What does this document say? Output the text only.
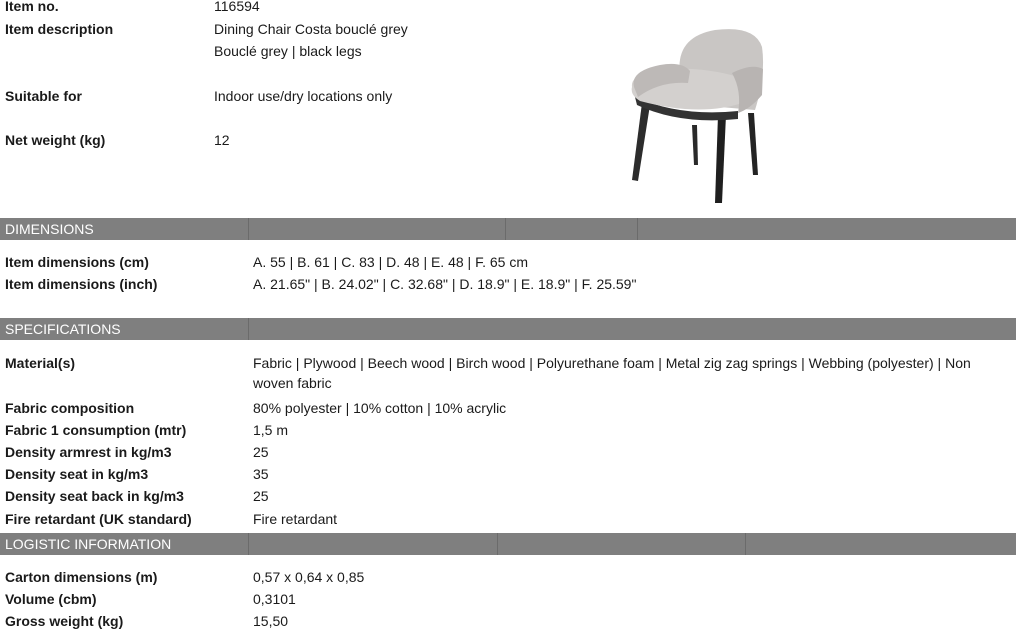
Item no.	116594
Item description	Dining Chair Costa bouclé grey
Bouclé grey | black legs
Suitable for	Indoor use/dry locations only
Net weight (kg)	12
DIMENSIONS
Item dimensions (cm)	A. 55 | B. 61 | C. 83 | D. 48 | E. 48 | F. 65 cm
Item dimensions (inch)	A. 21.65" | B. 24.02" | C. 32.68" | D. 18.9" | E. 18.9" | F. 25.59"
SPECIFICATIONS
Material(s)	Fabric | Plywood | Beech wood | Birch wood | Polyurethane foam | Metal zig zag springs | Webbing (polyester) | Non woven fabric
Fabric composition	80% polyester | 10% cotton | 10% acrylic
Fabric 1 consumption (mtr)	1,5 m
Density armrest in kg/m3	25
Density seat in kg/m3	35
Density seat back in kg/m3	25
Fire retardant (UK standard)	Fire retardant
LOGISTIC INFORMATION
Carton dimensions (m)	0,57 x 0,64 x 0,85
Volume (cbm)	0,3101
Gross weight (kg)	15,50
